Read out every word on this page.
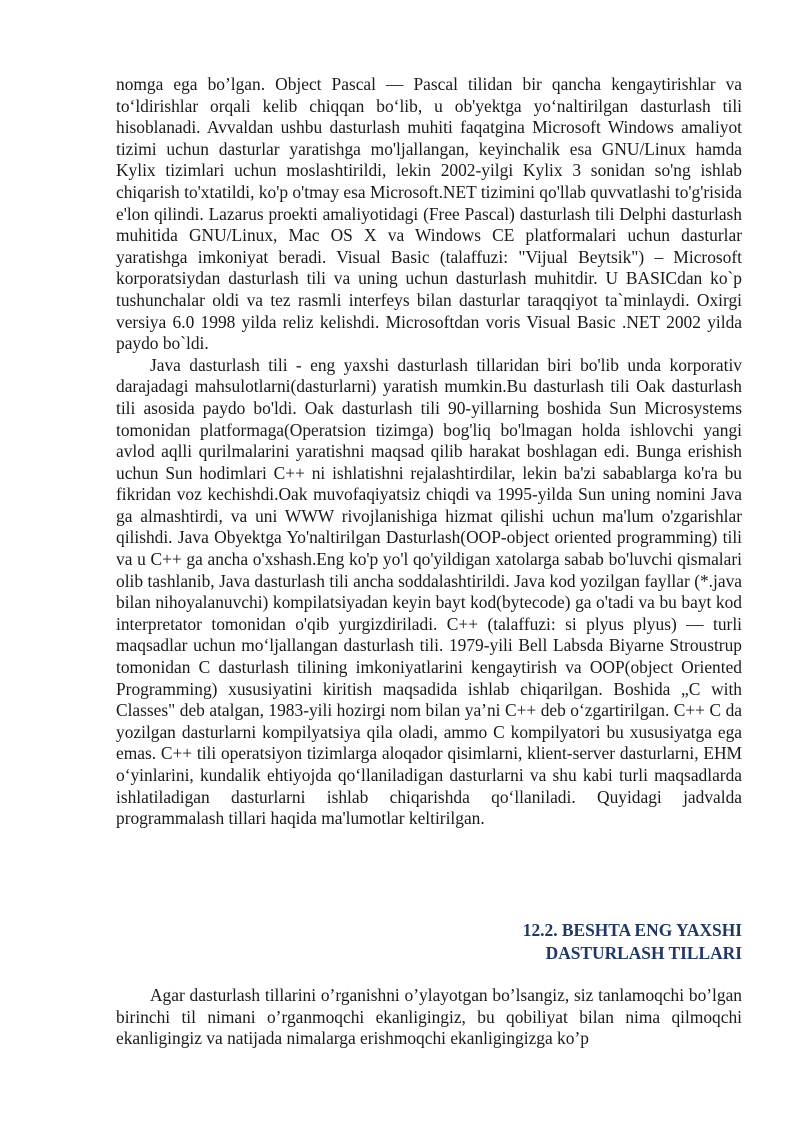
nomga ega bo’lgan. Object Pascal — Pascal tilidan bir qancha kengaytirishlar va to‘ldirishlar orqali kelib chiqqan bo‘lib, u ob'yektga yo‘naltirilgan dasturlash tili hisoblanadi. Avvaldan ushbu dasturlash muhiti faqatgina Microsoft Windows amaliyot tizimi uchun dasturlar yaratishga mo'ljallangan, keyinchalik esa GNU/Linux hamda Kylix tizimlari uchun moslashtirildi, lekin 2002-yilgi Kylix 3 sonidan so'ng ishlab chiqarish to'xtatildi, ko'p o'tmay esa Microsoft.NET tizimini qo'llab quvvatlashi to'g'risida e'lon qilindi. Lazarus proekti amaliyotidagi (Free Pascal) dasturlash tili Delphi dasturlash muhitida GNU/Linux, Mac OS X va Windows CE platformalari uchun dasturlar yaratishga imkoniyat beradi. Visual Basic (talaffuzi: "Vijual Beytsik") – Microsoft korporatsiydan dasturlash tili va uning uchun dasturlash muhitdir. U BASICdan ko`p tushunchalar oldi va tez rasmli interfeys bilan dasturlar taraqqiyot ta`minlaydi. Oxirgi versiya 6.0 1998 yilda reliz kelishdi. Microsoftdan voris Visual Basic .NET 2002 yilda paydo bo`ldi.

Java dasturlash tili - eng yaxshi dasturlash tillaridan biri bo'lib unda korporativ darajadagi mahsulotlarni(dasturlarni) yaratish mumkin.Bu dasturlash tili Oak dasturlash tili asosida paydo bo'ldi. Oak dasturlash tili 90-yillarning boshida Sun Microsystems tomonidan platformaga(Operatsion tizimga) bog'liq bo'lmagan holda ishlovchi yangi avlod aqlli qurilmalarini yaratishni maqsad qilib harakat boshlagan edi. Bunga erishish uchun Sun hodimlari C++ ni ishlatishni rejalashtirdilar, lekin ba'zi sabablarga ko'ra bu fikridan voz kechishdi.Oak muvofaqiyatsiz chiqdi va 1995-yilda Sun uning nomini Java ga almashtirdi, va uni WWW rivojlanishiga hizmat qilishi uchun ma'lum o'zgarishlar qilishdi. Java Obyektga Yo'naltirilgan Dasturlash(OOP-object oriented programming) tili va u C++ ga ancha o'xshash.Eng ko'p yo'l qo'yildigan xatolarga sabab bo'luvchi qismalari olib tashlanib, Java dasturlash tili ancha soddalashtirildi. Java kod yozilgan fayllar (*.java bilan nihoyalanuvchi) kompilatsiyadan keyin bayt kod(bytecode) ga o'tadi va bu bayt kod interpretator tomonidan o'qib yurgizdiriladi. C++ (talaffuzi: si plyus plyus) — turli maqsadlar uchun mo‘ljallangan dasturlash tili. 1979-yili Bell Labsda Biyarne Stroustrup tomonidan C dasturlash tilining imkoniyatlarini kengaytirish va OOP(object Oriented Programming) xususiyatini kiritish maqsadida ishlab chiqarilgan. Boshida „C with Classes" deb atalgan, 1983-yili hozirgi nom bilan ya’ni C++ deb o‘zgartirilgan. C++ C da yozilgan dasturlarni kompilyatsiya qila oladi, ammo C kompilyatori bu xususiyatga ega emas. C++ tili operatsiyon tizimlarga aloqador qisimlarni, klient-server dasturlarni, EHM o‘yinlarini, kundalik ehtiyojda qo‘llaniladigan dasturlarni va shu kabi turli maqsadlarda ishlatiladigan dasturlarni ishlab chiqarishda qo‘llaniladi. Quyidagi jadvalda programmalash tillari haqida ma'lumotlar keltirilgan.

12.2. BESHTA ENG YAXSHI
DASTURLASH TILLARI

Agar dasturlash tillarini o’rganishni o’ylayotgan bo’lsangiz, siz tanlamoqchi bo’lgan birinchi til nimani o’rganmoqchi ekanligingiz, bu qobiliyat bilan nima qilmoqchi ekanligingiz va natijada nimalarga erishmoqchi ekanligingizga ko’p
